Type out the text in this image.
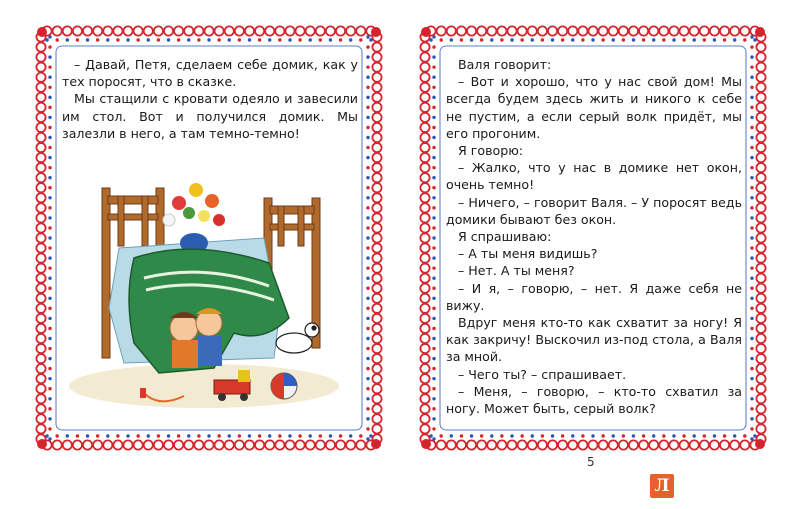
– Давай, Петя, сделаем себе домик, как у тех поросят, что в сказке.

Мы стащили с кровати одеяло и завесили им стол. Вот и получился домик. Мы залезли в него, а там темно-темно!

Валя говорит:

– Вот и хорошо, что у нас свой дом! Мы всегда будем здесь жить и никого к себе не пустим, а если серый волк придёт, мы его прогоним.

Я говорю:

– Жалко, что у нас в домике нет окон, очень темно!

– Ничего, – говорит Валя. – У поросят ведь домики бывают без окон.

Я спрашиваю:

– А ты меня видишь?

– Нет. А ты меня?

– И я, – говорю, – нет. Я даже себя не вижу.

Вдруг меня кто-то как схватит за ногу! Я как закричу! Выскочил из-под стола, а Валя за мной.

– Чего ты? – спрашивает.

– Меня, – говорю, – кто-то схватил за ногу. Может быть, серый волк?

5
Л
